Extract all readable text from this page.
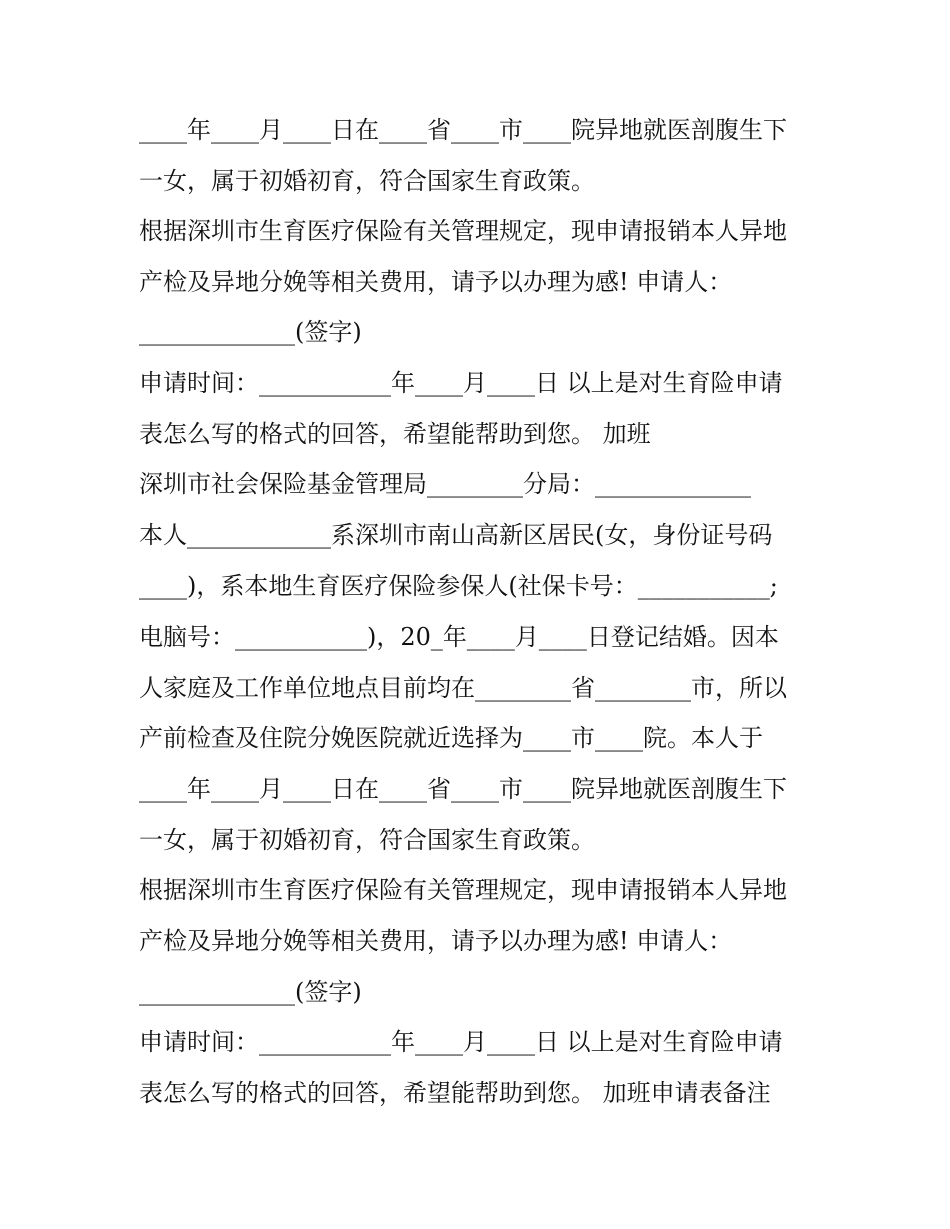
____年____月____日在____省____市____院异地就医剖腹生下
一女，属于初婚初育，符合国家生育政策。
根据深圳市生育医疗保险有关管理规定，现申请报销本人异地
产检及异地分娩等相关费用，请予以办理为感! 申请人：
_____________(签字)
申请时间：___________年____月____日 以上是对生育险申请
表怎么写的格式的回答，希望能帮助到您。 加班
深圳市社会保险基金管理局________分局：_____________
本人____________系深圳市南山高新区居民(女，身份证号码
____)，系本地生育医疗保险参保人(社保卡号：___________;
电脑号：___________)，20_年____月____日登记结婚。因本
人家庭及工作单位地点目前均在________省________市，所以
产前检查及住院分娩医院就近选择为____市____院。本人于
____年____月____日在____省____市____院异地就医剖腹生下
一女，属于初婚初育，符合国家生育政策。
根据深圳市生育医疗保险有关管理规定，现申请报销本人异地
产检及异地分娩等相关费用，请予以办理为感! 申请人：
_____________(签字)
申请时间：___________年____月____日 以上是对生育险申请
表怎么写的格式的回答，希望能帮助到您。 加班申请表备注
